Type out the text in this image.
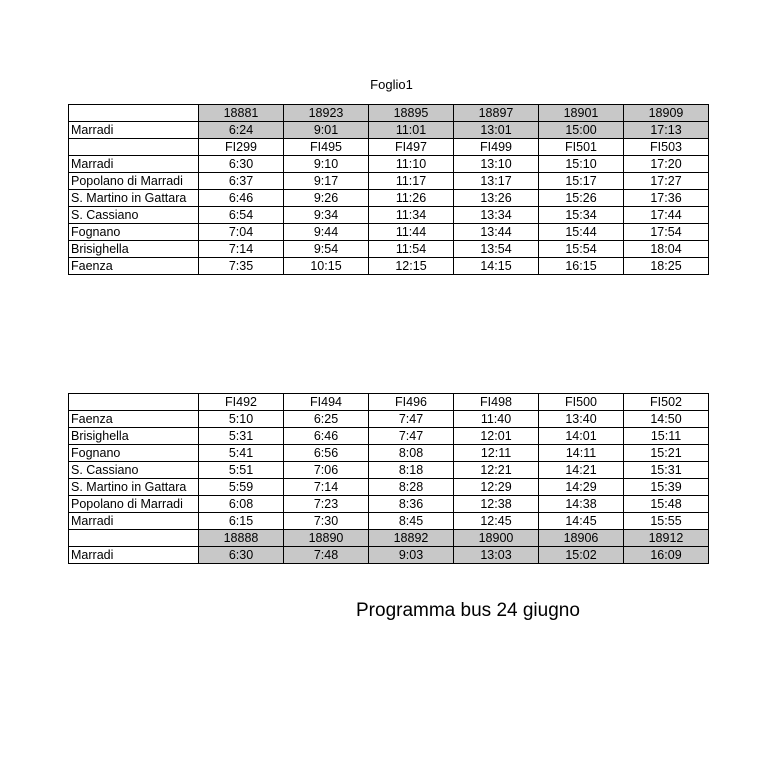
Foglio1
	18881	18923	18895	18897	18901	18909
Marradi	6:24	9:01	11:01	13:01	15:00	17:13
	FI299	FI495	FI497	FI499	FI501	FI503
Marradi	6:30	9:10	11:10	13:10	15:10	17:20
Popolano di Marradi	6:37	9:17	11:17	13:17	15:17	17:27
S. Martino in Gattara	6:46	9:26	11:26	13:26	15:26	17:36
S. Cassiano	6:54	9:34	11:34	13:34	15:34	17:44
Fognano	7:04	9:44	11:44	13:44	15:44	17:54
Brisighella	7:14	9:54	11:54	13:54	15:54	18:04
Faenza	7:35	10:15	12:15	14:15	16:15	18:25
	FI492	FI494	FI496	FI498	FI500	FI502
Faenza	5:10	6:25	7:47	11:40	13:40	14:50
Brisighella	5:31	6:46	7:47	12:01	14:01	15:11
Fognano	5:41	6:56	8:08	12:11	14:11	15:21
S. Cassiano	5:51	7:06	8:18	12:21	14:21	15:31
S. Martino in Gattara	5:59	7:14	8:28	12:29	14:29	15:39
Popolano di Marradi	6:08	7:23	8:36	12:38	14:38	15:48
Marradi	6:15	7:30	8:45	12:45	14:45	15:55
	18888	18890	18892	18900	18906	18912
Marradi	6:30	7:48	9:03	13:03	15:02	16:09
Programma bus 24 giugno
